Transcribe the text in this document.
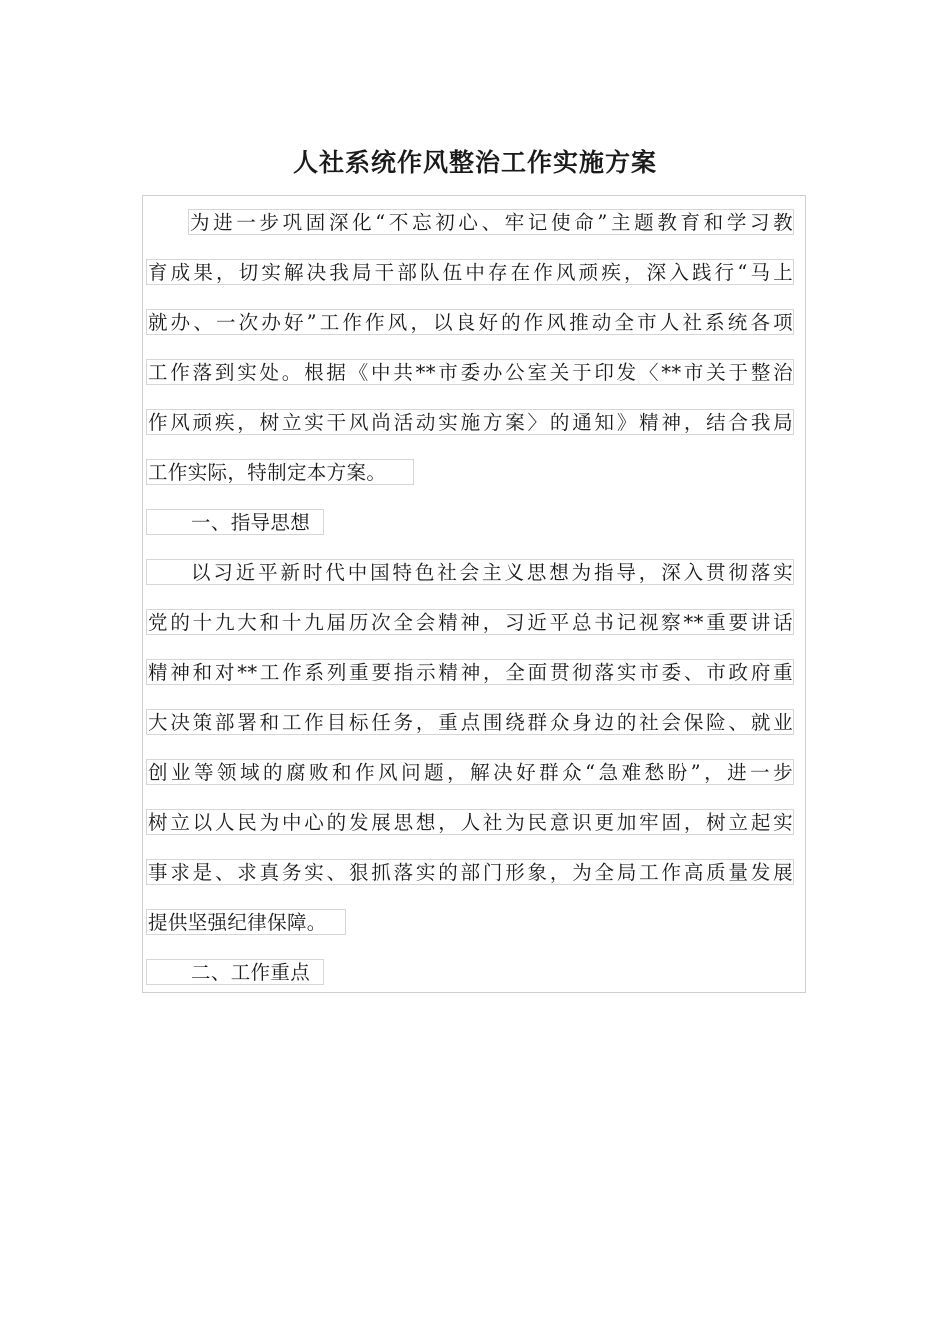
人社系统作风整治工作实施方案
为进一步巩固深化“不忘初心、牢记使命”主题教育和学习教
育成果，切实解决我局干部队伍中存在作风顽疾，深入践行“马上
就办、一次办好”工作作风，以良好的作风推动全市人社系统各项
工作落到实处。根据《中共**市委办公室关于印发〈**市关于整治
作风顽疾，树立实干风尚活动实施方案〉的通知》精神，结合我局
工作实际，特制定本方案。
一、指导思想
以习近平新时代中国特色社会主义思想为指导，深入贯彻落实
党的十九大和十九届历次全会精神，习近平总书记视察**重要讲话
精神和对**工作系列重要指示精神，全面贯彻落实市委、市政府重
大决策部署和工作目标任务，重点围绕群众身边的社会保险、就业
创业等领域的腐败和作风问题，解决好群众“急难愁盼”，进一步
树立以人民为中心的发展思想，人社为民意识更加牢固，树立起实
事求是、求真务实、狠抓落实的部门形象，为全局工作高质量发展
提供坚强纪律保障。
二、工作重点
